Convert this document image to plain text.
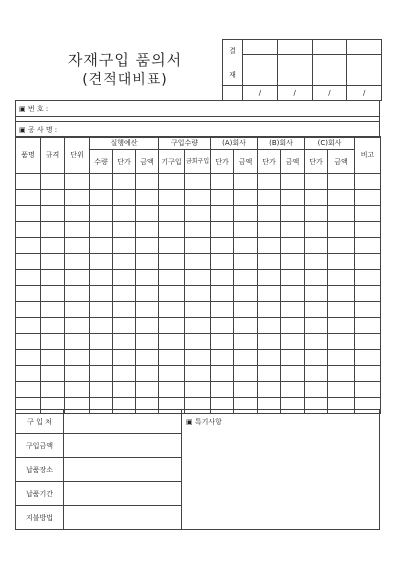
자재구입 품의서
(견적대비표)
결
재				

	/	/	/	/
▣ 번 호 :

▣ 공 사 명 :
품명	규격	단위	실행예산			구입수량		(A)회사		(B)회사		(C)회사		비고
			수량	단가	금액	기구입	금회구입	단가	금액	단가	금액	단가	금액	

구 입 처		▣ 특기사항
구입금액		
납품장소		
납품기간		
지불방법		
